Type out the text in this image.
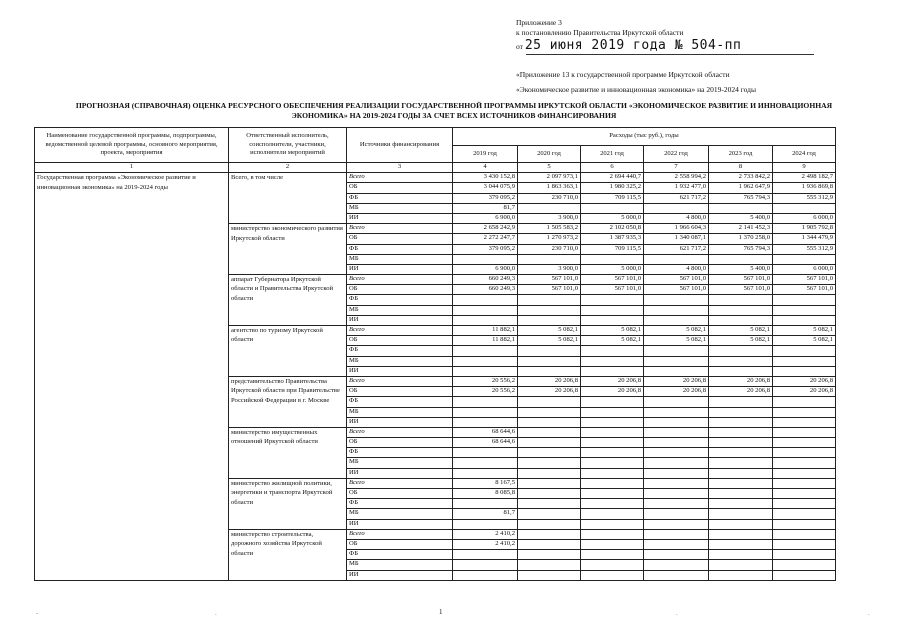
Приложение 3
к постановлению Правительства Иркутской области
от 25 июня 2019 года № 504-пп
«Приложение 13 к государственной программе Иркутской области
«Экономическое развитие и инновационная экономика» на 2019-2024 годы
ПРОГНОЗНАЯ (СПРАВОЧНАЯ) ОЦЕНКА РЕСУРСНОГО ОБЕСПЕЧЕНИЯ РЕАЛИЗАЦИИ ГОСУДАРСТВЕННОЙ ПРОГРАММЫ ИРКУТСКОЙ ОБЛАСТИ «ЭКОНОМИЧЕСКОЕ РАЗВИТИЕ И ИННОВАЦИОННАЯ
ЭКОНОМИКА» НА 2019-2024 ГОДЫ ЗА СЧЕТ ВСЕХ ИСТОЧНИКОВ ФИНАНСИРОВАНИЯ
Наименование государственной программы, подпрограммы, ведомственной целевой программы, основного мероприятия, проекта, мероприятия	Ответственный исполнитель, соисполнители, участники, исполнители мероприятий	Источники финансирования	Расходы (тыс руб.), годы					
			2019 год	2020 год	2021 год	2022 год	2023 год	2024 год
1	2	3	4	5	6	7	8	9
Государственная программа «Экономическое развитие и инновационная экономика» на 2019-2024 годы	Всего, в том числе	Всего	3 430 152,8	2 097 973,1	2 694 440,7	2 558 994,2	2 733 842,2	2 498 182,7
		ОБ	3 044 075,9	1 863 363,1	1 980 325,2	1 932 477,0	1 962 647,9	1 936 869,8
		ФБ	379 095,2	230 710,0	709 115,5	621 717,2	765 794,3	555 312,9
		МБ	81,7					
		ИИ	6 900,0	3 900,0	5 000,0	4 800,0	5 400,0	6 000,0
	министерство экономического развития Иркутской области	Всего	2 658 242,9	1 505 583,2	2 102 050,8	1 966 604,3	2 141 452,3	1 905 792,8
		ОБ	2 272 247,7	1 270 973,2	1 387 935,3	1 340 087,1	1 370 258,0	1 344 479,9
		ФБ	379 095,2	230 710,0	709 115,5	621 717,2	765 794,3	555 312,9
		МБ						
		ИИ	6 900,0	3 900,0	5 000,0	4 800,0	5 400,0	6 000,0
	аппарат Губернатора Иркутской области и Правительства Иркутской области	Всего	660 249,3	567 101,0	567 101,0	567 101,0	567 101,0	567 101,0
		ОБ	660 249,3	567 101,0	567 101,0	567 101,0	567 101,0	567 101,0
		ФБ						
		МБ						
		ИИ						
	агентство по туризму Иркутской области	Всего	11 882,1	5 082,1	5 082,1	5 082,1	5 082,1	5 082,1
		ОБ	11 882,1	5 082,1	5 082,1	5 082,1	5 082,1	5 082,1
		ФБ						
		МБ						
		ИИ						
	представительство Правительства Иркутской области при Правительстве Российской Федерации в г. Москве	Всего	20 556,2	20 206,8	20 206,8	20 206,8	20 206,8	20 206,8
		ОБ	20 556,2	20 206,8	20 206,8	20 206,8	20 206,8	20 206,8
		ФБ						
		МБ						
		ИИ						
	министерство имущественных отношений Иркутской области	Всего	68 644,6					
		ОБ	68 644,6					
		ФБ						
		МБ						
		ИИ						
	министерство жилищной политики, энергетики и транспорта Иркутской области	Всего	8 167,5					
		ОБ	8 085,8					
		ФБ						
		МБ	81,7					
		ИИ						
	министерство строительства, дорожного хозяйства Иркутской области	Всего	2 410,2					
		ОБ	2 410,2					
		ФБ						
		МБ						
		ИИ						
-	.	1	.	.
